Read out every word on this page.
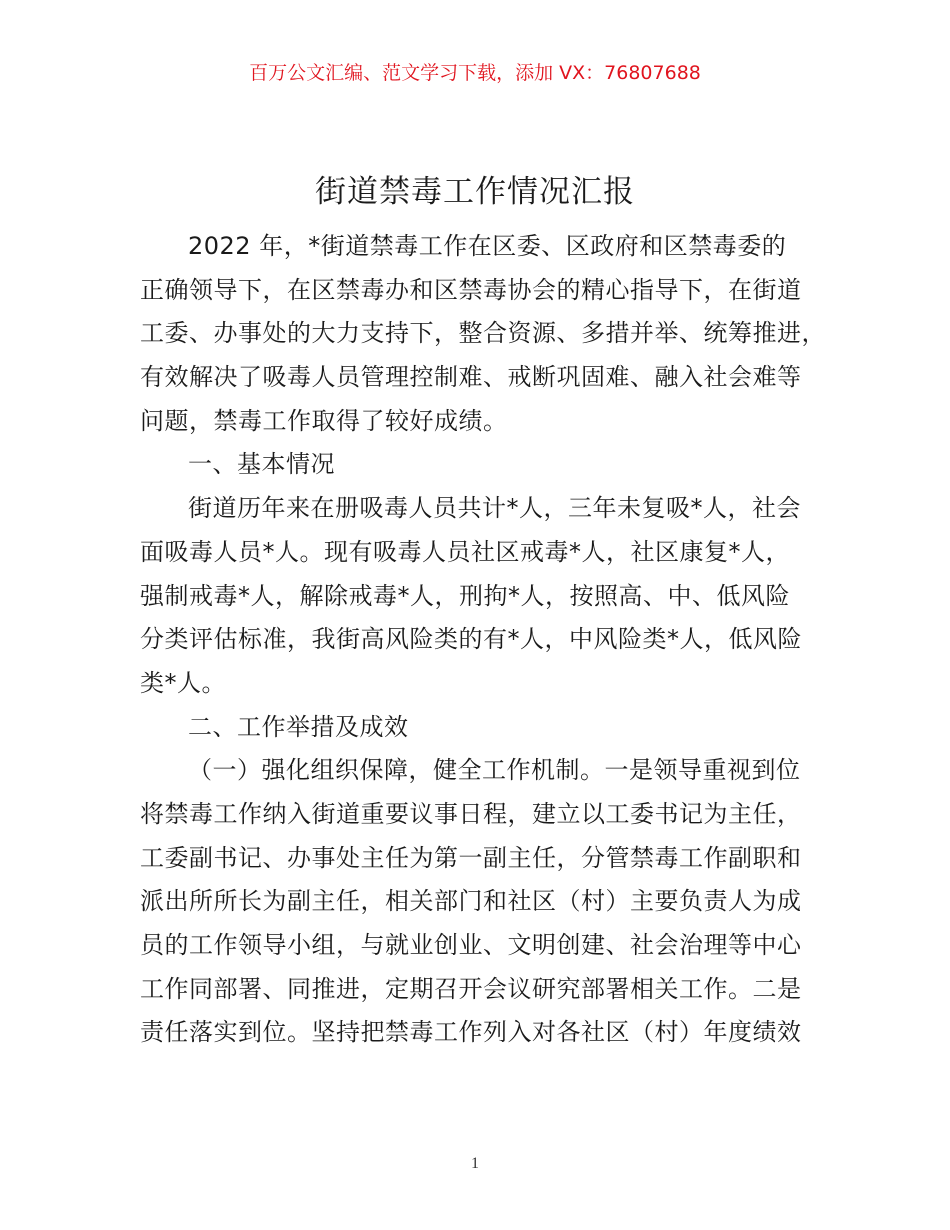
百万公文汇编、范文学习下载，添加 VX：76807688
街道禁毒工作情况汇报
2022 年，*街道禁毒工作在区委、区政府和区禁毒委的
正确领导下，在区禁毒办和区禁毒协会的精心指导下，在街道
工委、办事处的大力支持下，整合资源、多措并举、统筹推进，
有效解决了吸毒人员管理控制难、戒断巩固难、融入社会难等
问题，禁毒工作取得了较好成绩。
一、基本情况
街道历年来在册吸毒人员共计*人，三年未复吸*人，社会
面吸毒人员*人。现有吸毒人员社区戒毒*人，社区康复*人，
强制戒毒*人，解除戒毒*人，刑拘*人，按照高、中、低风险
分类评估标准，我街高风险类的有*人，中风险类*人，低风险
类*人。
二、工作举措及成效
（一）强化组织保障，健全工作机制。一是领导重视到位
将禁毒工作纳入街道重要议事日程，建立以工委书记为主任，
工委副书记、办事处主任为第一副主任，分管禁毒工作副职和
派出所所长为副主任，相关部门和社区（村）主要负责人为成
员的工作领导小组，与就业创业、文明创建、社会治理等中心
工作同部署、同推进，定期召开会议研究部署相关工作。二是
责任落实到位。坚持把禁毒工作列入对各社区（村）年度绩效
1
